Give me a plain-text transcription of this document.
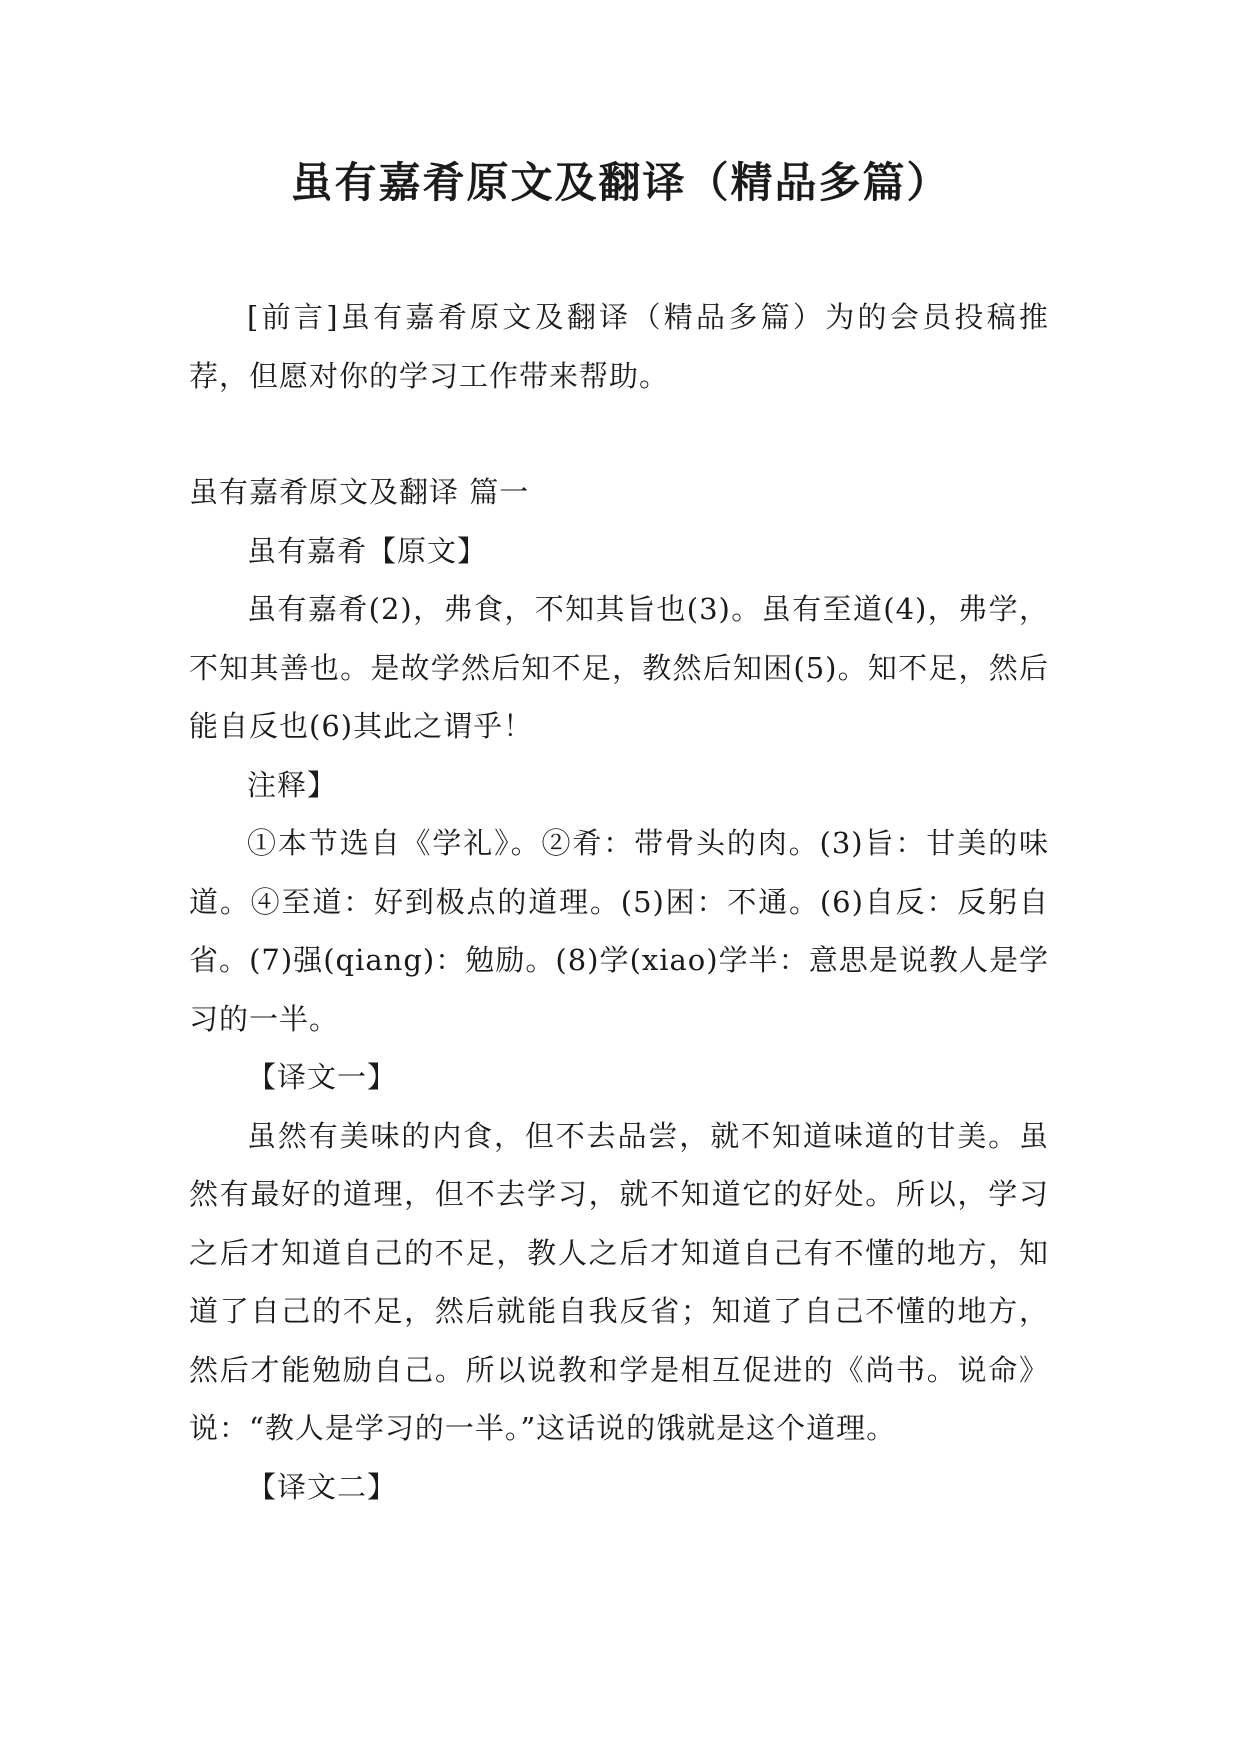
虽有嘉肴原文及翻译（精品多篇）

[前言]虽有嘉肴原文及翻译（精品多篇）为的会员投稿推荐，但愿对你的学习工作带来帮助。

虽有嘉肴原文及翻译 篇一

虽有嘉肴【原文】

虽有嘉肴(2)，弗食，不知其旨也(3)。虽有至道(4)，弗学，不知其善也。是故学然后知不足，教然后知困(5)。知不足，然后能自反也(6)其此之谓乎！

注释】

①本节选自《学礼》。②肴：带骨头的肉。(3)旨：甘美的味道。④至道：好到极点的道理。(5)困：不通。(6)自反：反躬自省。(7)强(qiang)：勉励。(8)学(xiao)学半：意思是说教人是学习的一半。

【译文一】

虽然有美味的内食，但不去品尝，就不知道味道的甘美。虽然有最好的道理，但不去学习，就不知道它的好处。所以，学习之后才知道自己的不足，教人之后才知道自己有不懂的地方，知道了自己的不足，然后就能自我反省；知道了自己不懂的地方，然后才能勉励自己。所以说教和学是相互促进的《尚书。说命》说：“教人是学习的一半。”这话说的饿就是这个道理。

【译文二】
